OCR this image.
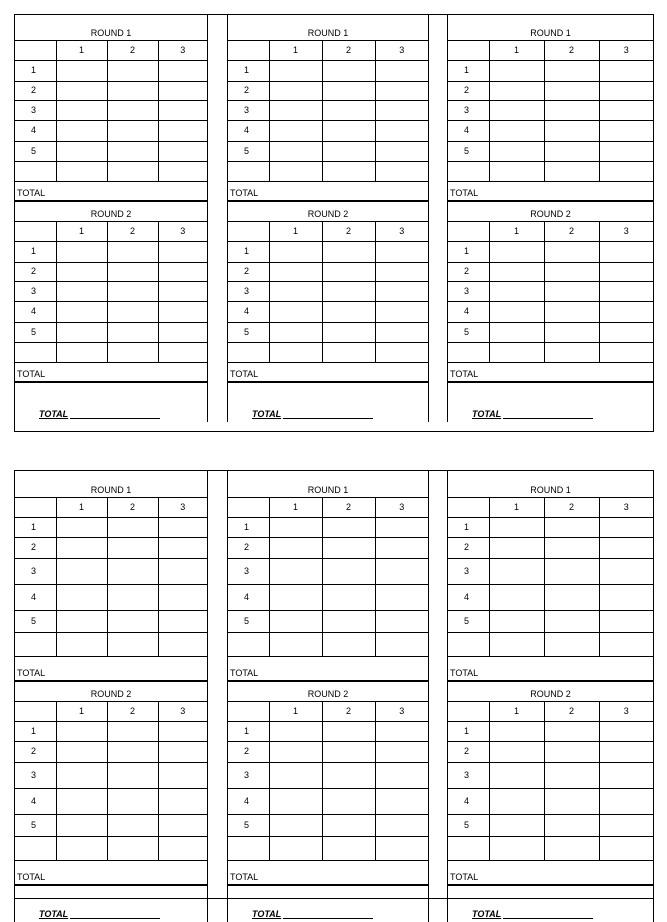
ROUND 1			
	1	2	3
1			
2			
3			
4			
5			

TOTAL			
ROUND 2			
	1	2	3
1			
2			
3			
4			
5			

TOTAL			
TOTAL			
ROUND 1			
	1	2	3
1			
2			
3			
4			
5			

TOTAL			
ROUND 2			
	1	2	3
1			
2			
3			
4			
5			

TOTAL			
TOTAL			
ROUND 1			
	1	2	3
1			
2			
3			
4			
5			

TOTAL			
ROUND 2			
	1	2	3
1			
2			
3			
4			
5			

TOTAL			
TOTAL			
ROUND 1			
	1	2	3
1			
2			
3			
4			
5			

TOTAL			
ROUND 2			
	1	2	3
1			
2			
3			
4			
5			

TOTAL			
TOTAL			
ROUND 1			
	1	2	3
1			
2			
3			
4			
5			

TOTAL			
ROUND 2			
	1	2	3
1			
2			
3			
4			
5			

TOTAL			
TOTAL			
ROUND 1			
	1	2	3
1			
2			
3			
4			
5			

TOTAL			
ROUND 2			
	1	2	3
1			
2			
3			
4			
5			

TOTAL			
TOTAL			
